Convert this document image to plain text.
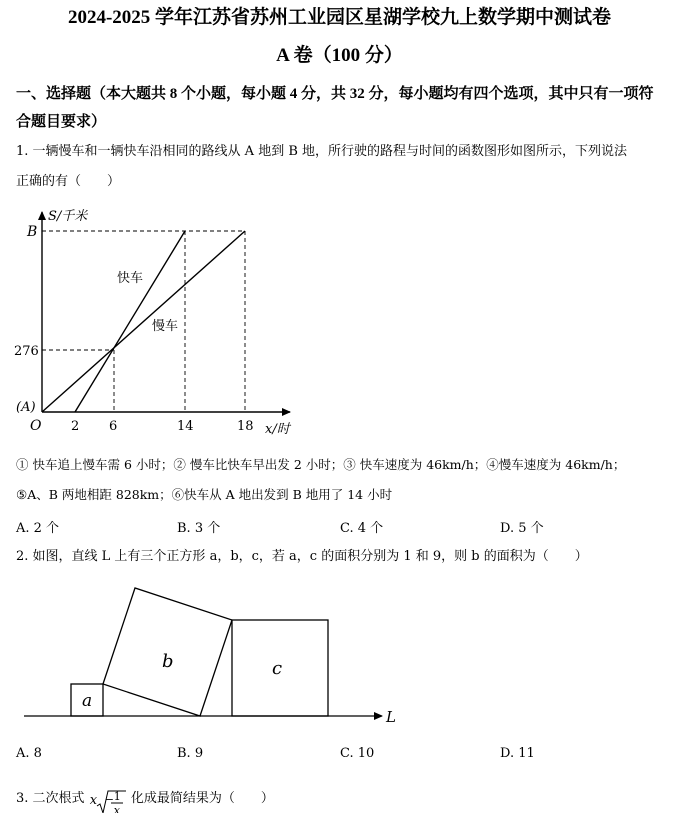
2024-2025 学年江苏省苏州工业园区星湖学校九上数学期中测试卷
A 卷（100 分）
一、选择题（本大题共 8 个小题，每小题 4 分，共 32 分，每小题均有四个选项，其中只有一项符合题目要求）
1. 一辆慢车和一辆快车沿相同的路线从 A 地到 B 地，所行驶的路程与时间的函数图形如图所示，下列说法
正确的有（　　）
S/千米
x/时
B
276
(A)
O 2 6	14	18
快车
慢车
① 快车追上慢车需 6 小时；② 慢车比快车早出发 2 小时；③ 快车速度为 46km/h；④慢车速度为 46km/h；
⑤A、B 两地相距 828km；⑥快车从 A 地出发到 B 地用了 14 小时
A. 2 个	B. 3 个	C. 4 个	D. 5 个
2. 如图，直线 L 上有三个正方形 a，b，c，若 a，c 的面积分别为 1 和 9，则 b 的面积为（　　）
a
b	c
L
A. 8	B. 9	C. 10	D. 11
3. 二次根式 x 1
−
x
化成最简结果为（　　）
